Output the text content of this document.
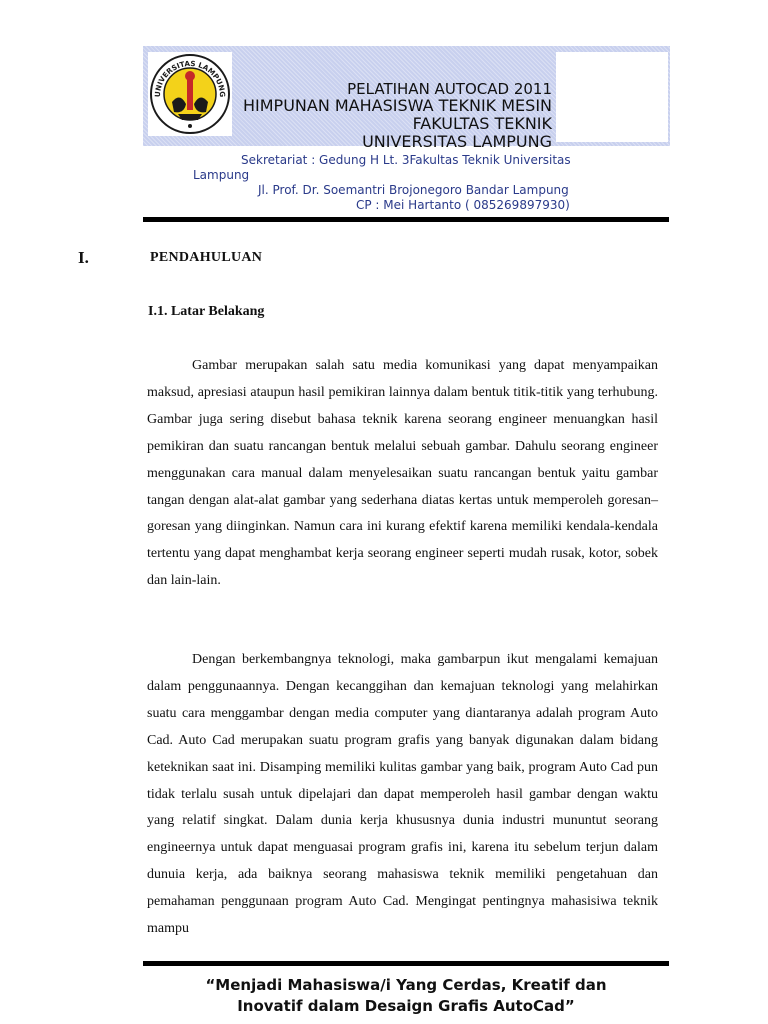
UNIVERSITAS LAMPUNG	PELATIHAN AUTOCAD 2011
HIMPUNAN MAHASISWA TEKNIK MESIN
FAKULTAS TEKNIK
UNIVERSITAS LAMPUNG
Sekretariat : Gedung H Lt. 3Fakultas Teknik Universitas
Lampung
Jl. Prof. Dr. Soemantri Brojonegoro Bandar Lampung
CP : Mei Hartanto ( 085269897930)
I.	PENDAHULUAN
I.1. Latar Belakang

Gambar merupakan salah satu media komunikasi yang dapat menyampaikan maksud, apresiasi ataupun hasil pemikiran lainnya dalam bentuk titik-titik yang terhubung. Gambar juga sering disebut bahasa teknik karena seorang engineer menuangkan hasil pemikiran dan suatu rancangan bentuk melalui sebuah gambar. Dahulu seorang engineer menggunakan cara manual dalam menyelesaikan suatu rancangan bentuk yaitu gambar tangan dengan alat-alat gambar yang sederhana diatas kertas untuk memperoleh goresan–goresan yang diinginkan. Namun cara ini kurang efektif karena memiliki kendala-kendala tertentu yang dapat menghambat kerja seorang engineer seperti mudah rusak, kotor, sobek dan lain-lain.

Dengan berkembangnya teknologi, maka gambarpun ikut mengalami kemajuan dalam penggunaannya. Dengan kecanggihan dan kemajuan teknologi yang melahirkan suatu cara menggambar dengan media computer yang diantaranya adalah program Auto Cad. Auto Cad merupakan suatu program grafis yang banyak digunakan dalam bidang keteknikan saat ini. Disamping memiliki kulitas gambar yang baik, program Auto Cad pun tidak terlalu susah untuk dipelajari dan dapat memperoleh hasil gambar dengan waktu yang relatif singkat. Dalam dunia kerja khususnya dunia industri mununtut seorang engineernya untuk dapat menguasai program grafis ini, karena itu sebelum terjun dalam dunuia kerja, ada baiknya seorang mahasiswa teknik memiliki pengetahuan dan pemahaman penggunaan program Auto Cad. Mengingat pentingnya mahasisiwa teknik mampu

“Menjadi Mahasiswa/i Yang Cerdas, Kreatif dan
Inovatif dalam Desaign Grafis AutoCad”
